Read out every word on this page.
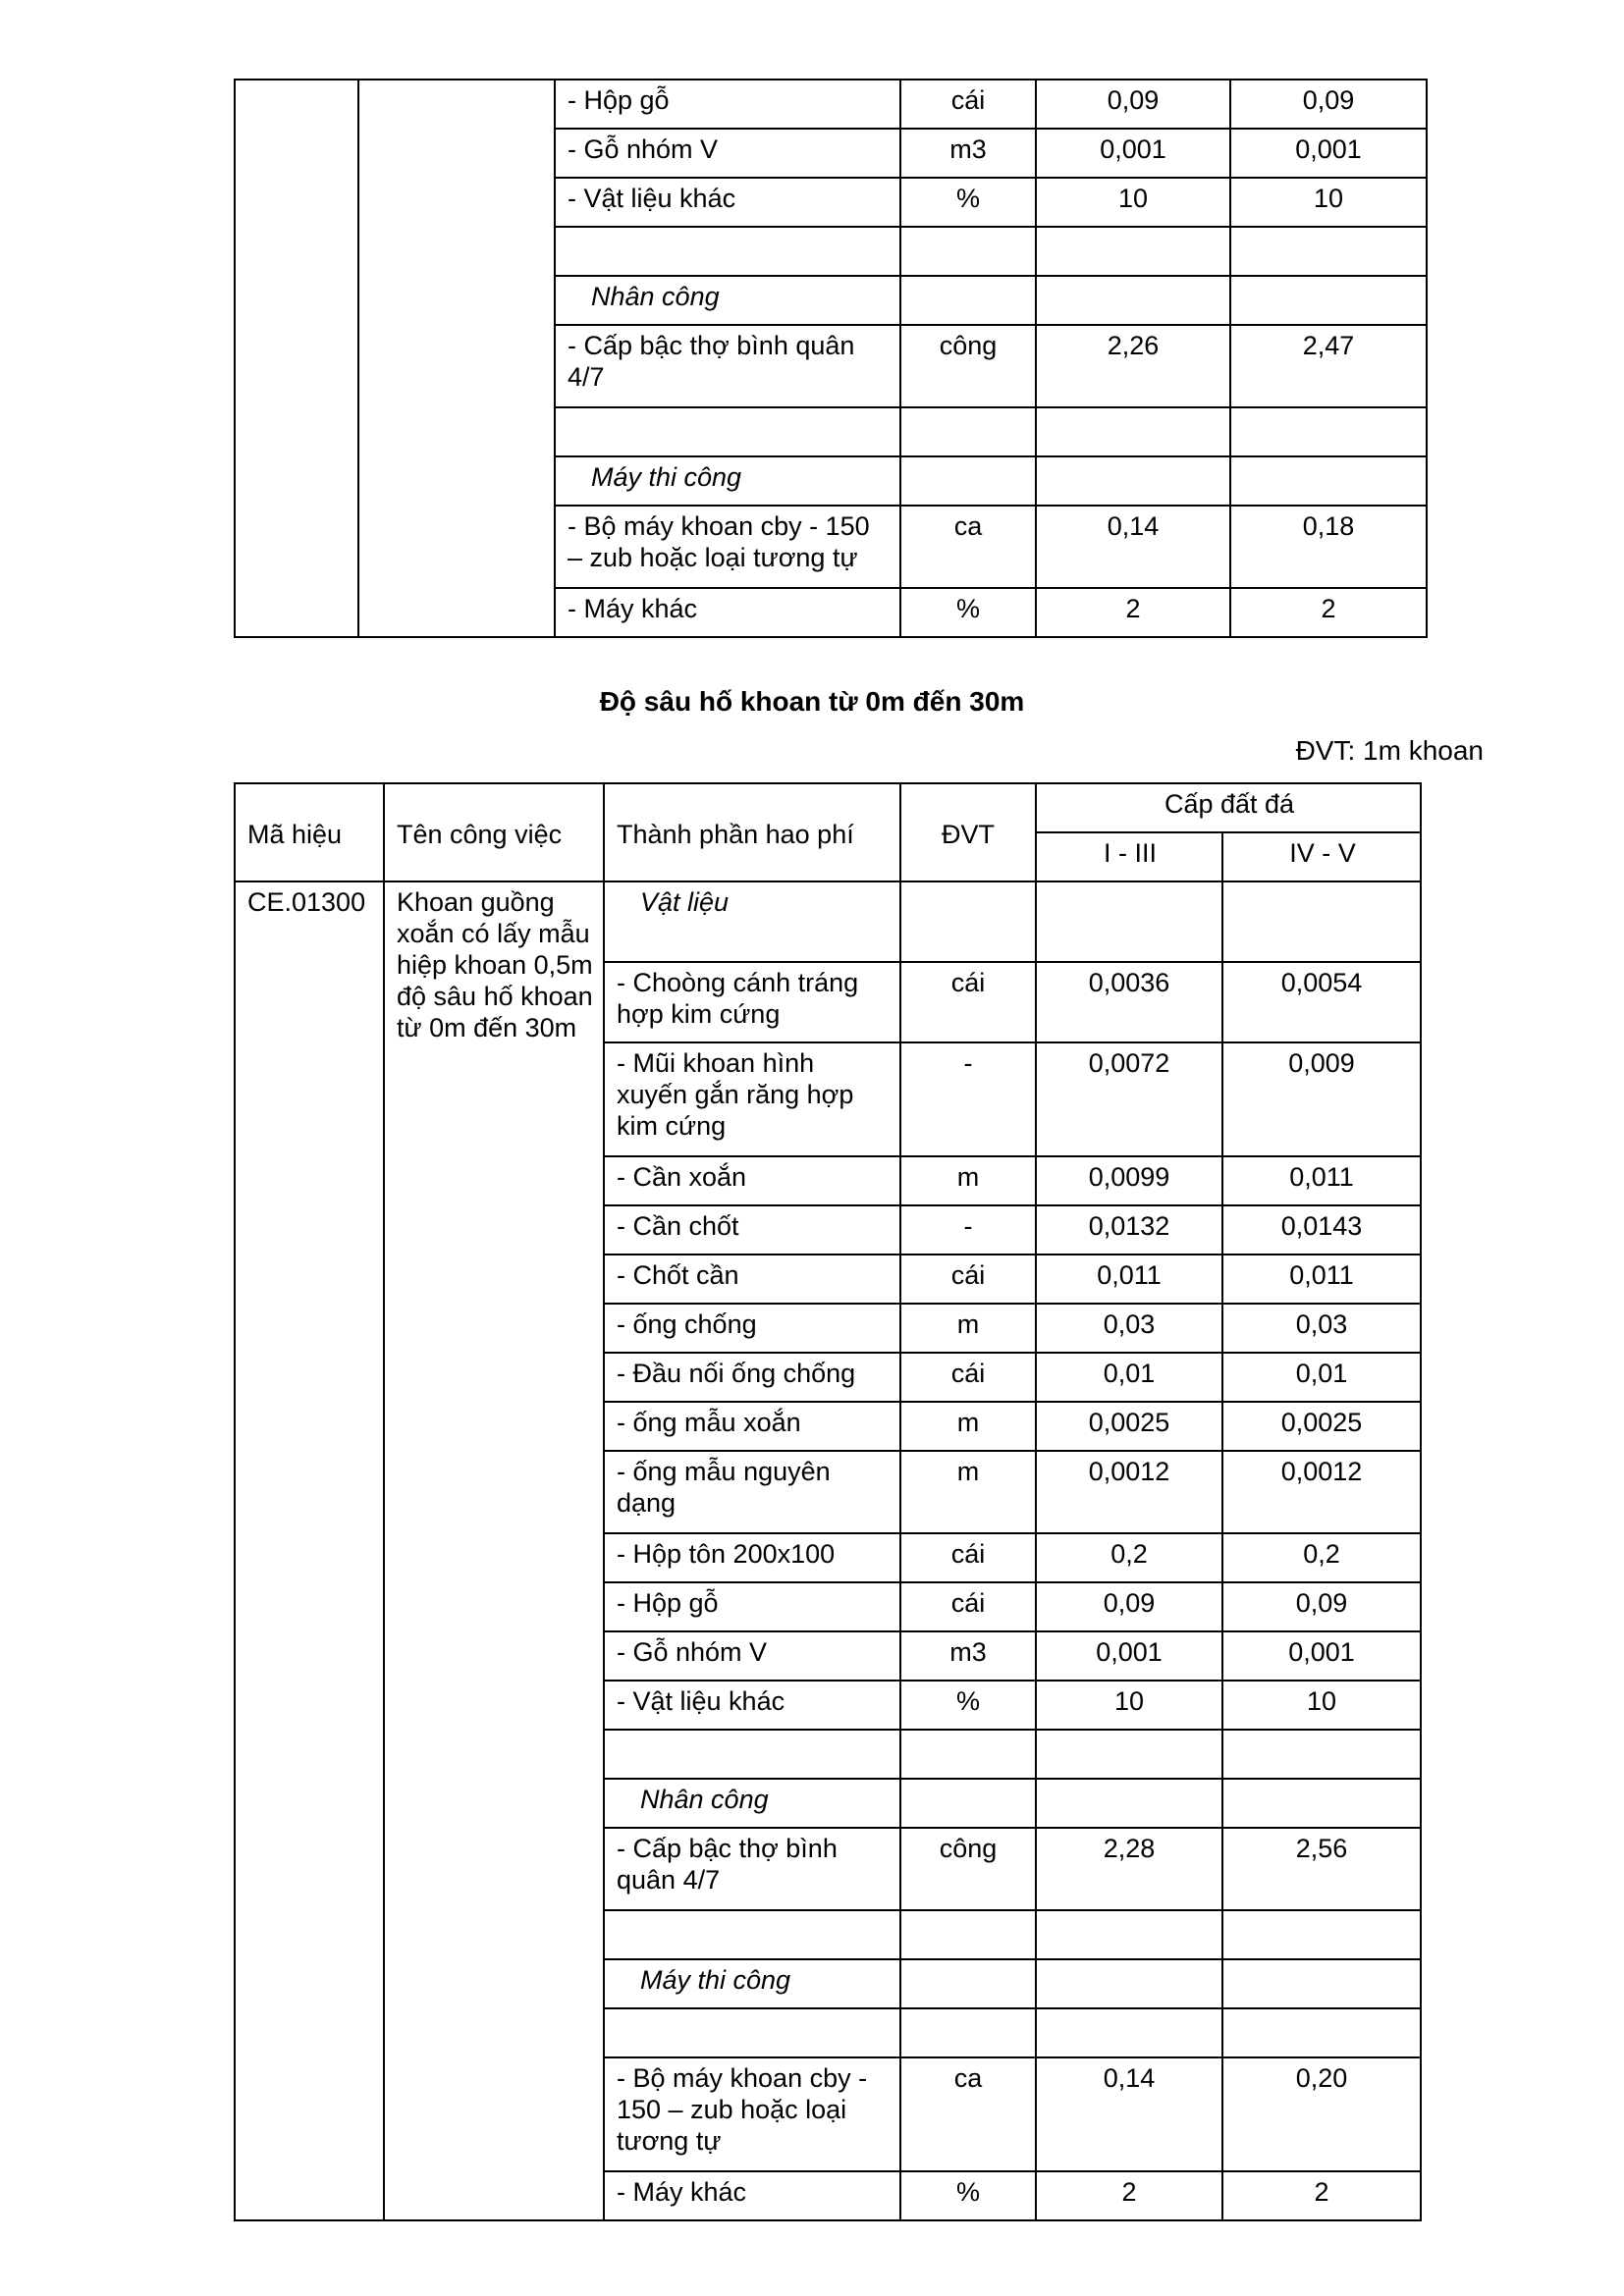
		- Hộp gỗ	cái	0,09	0,09
		- Gỗ nhóm V	m3	0,001	0,001
		- Vật liệu khác	%	10	10

		Nhân công			
		- Cấp bậc thợ bình quân 4/7	công	2,26	2,47

		Máy thi công			
		- Bộ máy khoan cby - 150 – zub hoặc loại tương tự	ca	0,14	0,18
		- Máy khác	%	2	2
Độ sâu hố khoan từ 0m đến 30m
ĐVT: 1m khoan
Mã hiệu	Tên công việc	Thành phần hao phí	ĐVT	Cấp đất đá	
				I - III	IV - V
CE.01300	Khoan guồng xoắn có lấy mẫu hiệp khoan 0,5m độ sâu hố khoan từ 0m đến 30m	Vật liệu			
		- Choòng cánh tráng hợp kim cứng	cái	0,0036	0,0054
		- Mũi khoan hình xuyến gắn răng hợp kim cứng	-	0,0072	0,009
		- Cần xoắn	m	0,0099	0,011
		- Cần chốt	-	0,0132	0,0143
		- Chốt cần	cái	0,011	0,011
		- ống chống	m	0,03	0,03
		- Đầu nối ống chống	cái	0,01	0,01
		- ống mẫu xoắn	m	0,0025	0,0025
		- ống mẫu nguyên dạng	m	0,0012	0,0012
		- Hộp tôn 200x100	cái	0,2	0,2
		- Hộp gỗ	cái	0,09	0,09
		- Gỗ nhóm V	m3	0,001	0,001
		- Vật liệu khác	%	10	10

		Nhân công			
		- Cấp bậc thợ bình quân 4/7	công	2,28	2,56

		Máy thi công			

		- Bộ máy khoan cby - 150 – zub hoặc loại tương tự	ca	0,14	0,20
		- Máy khác	%	2	2
